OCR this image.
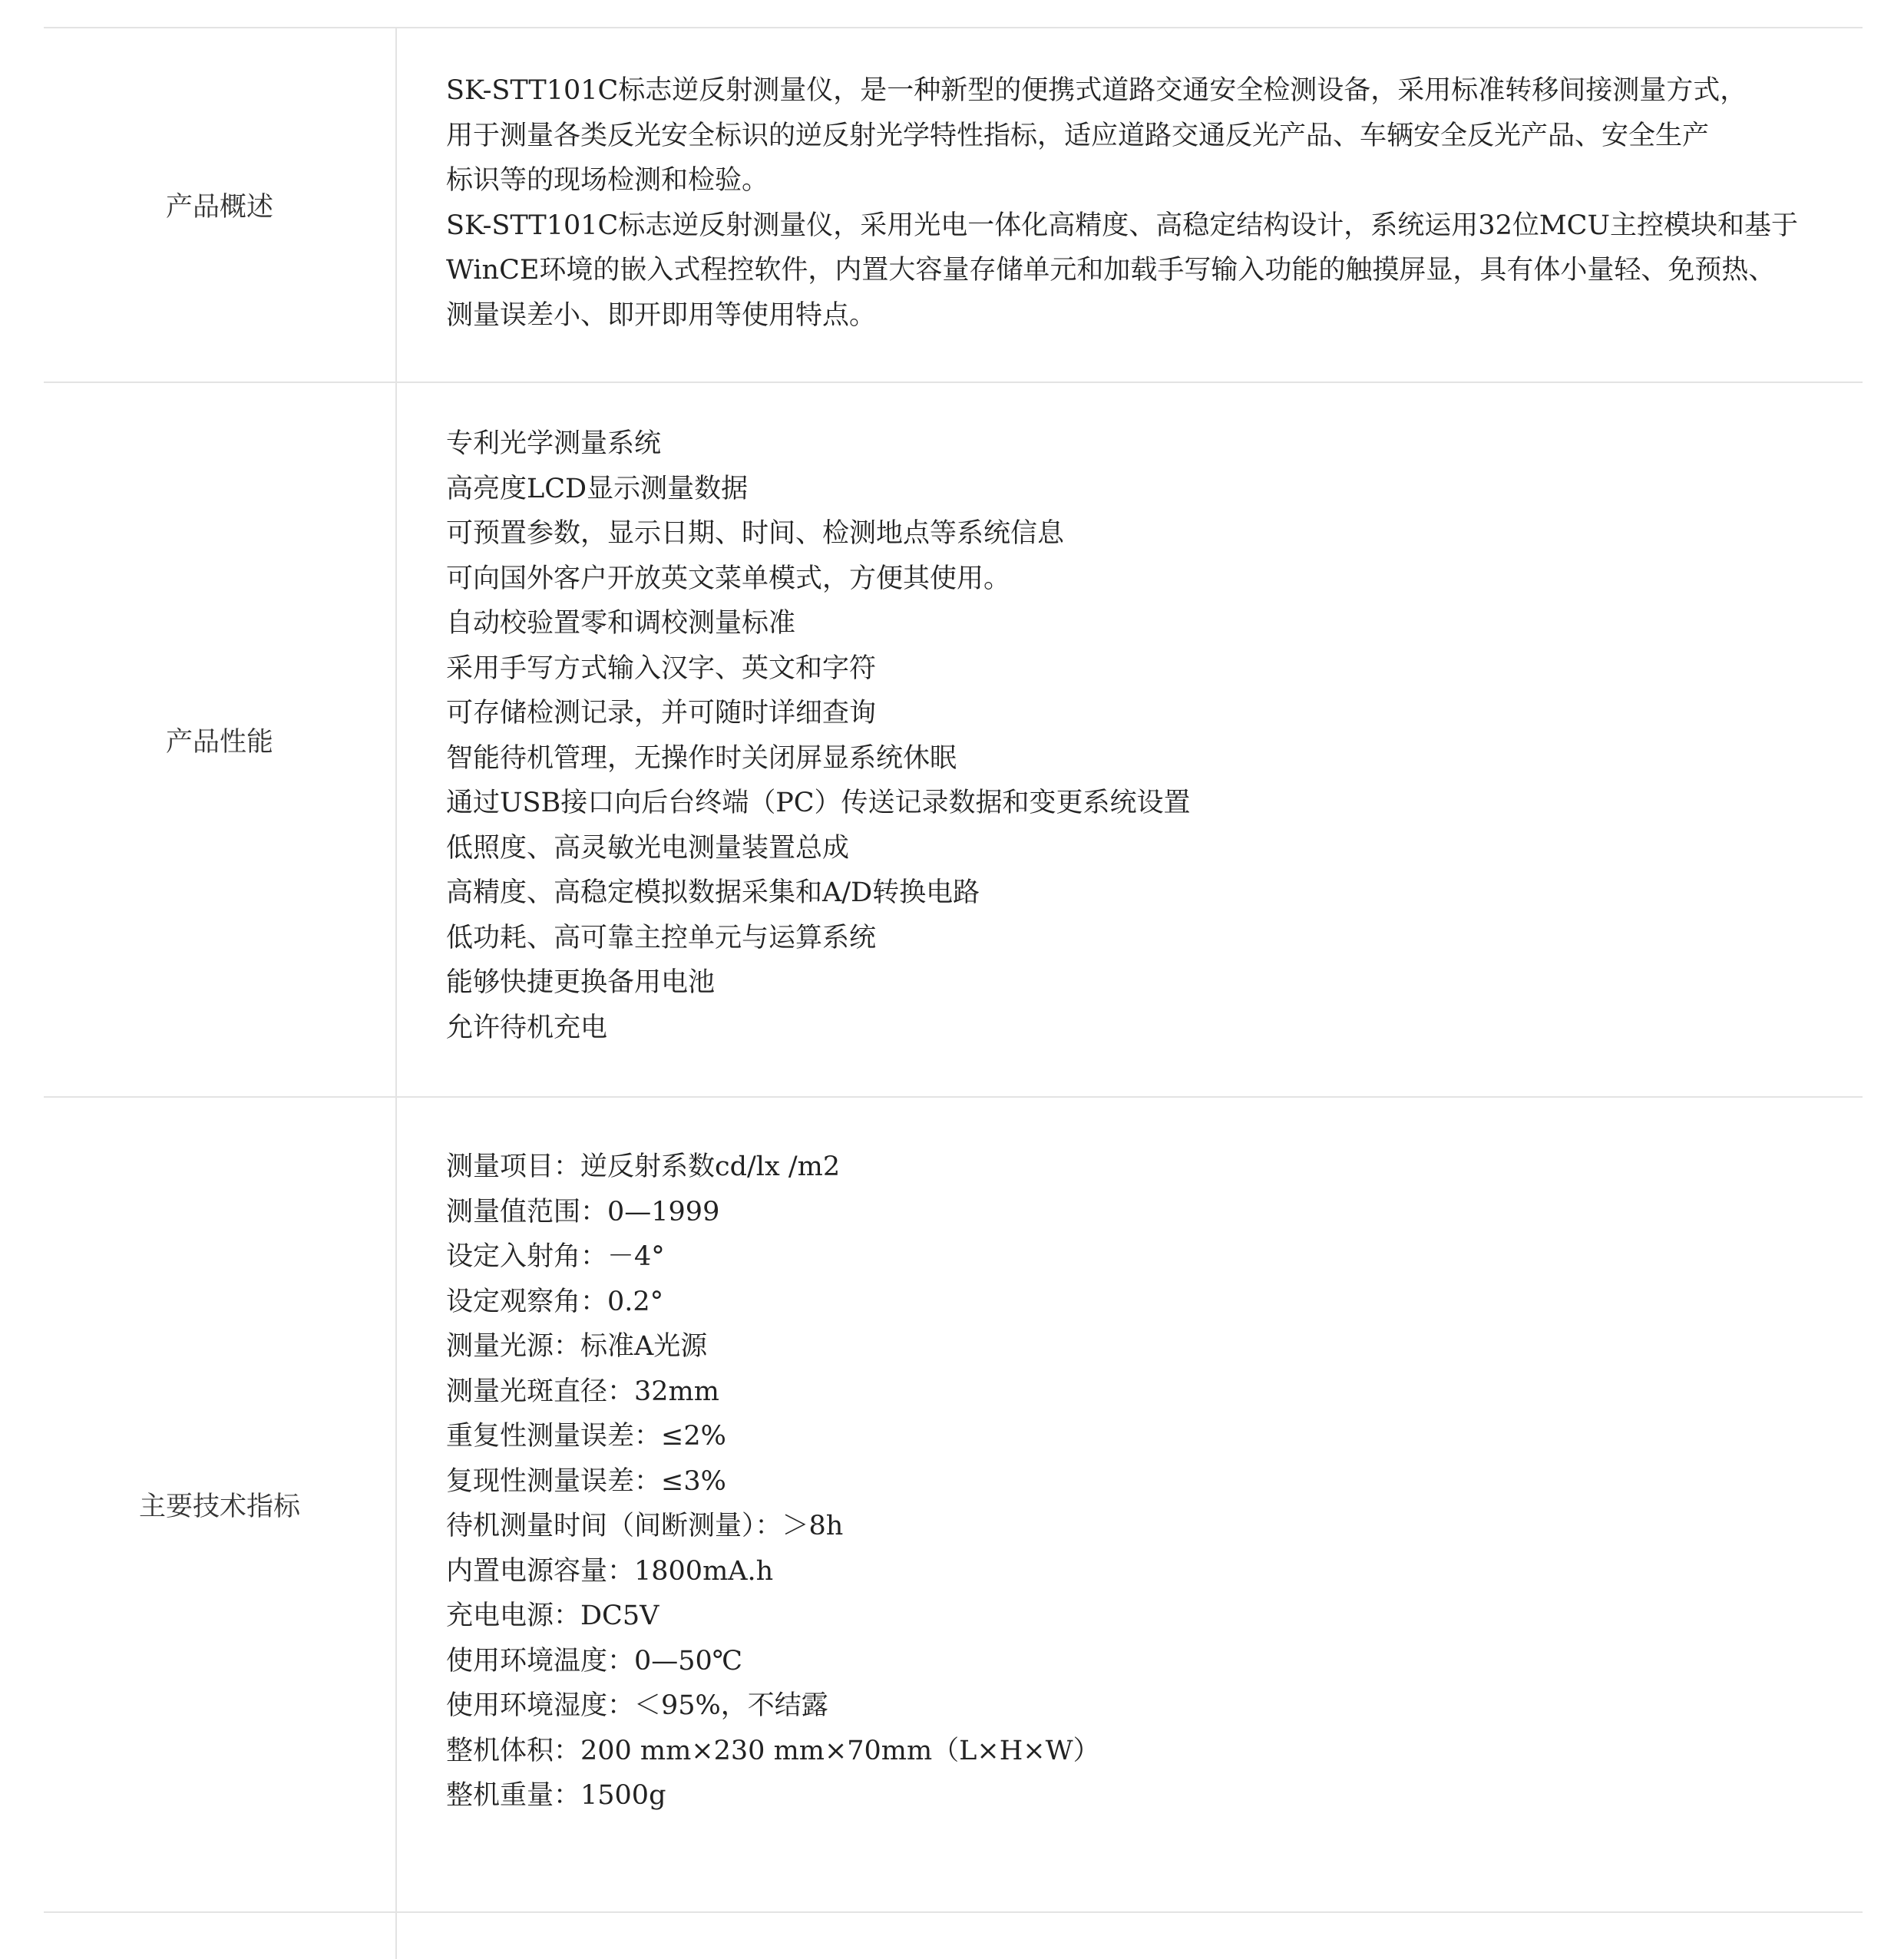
产品概述
SK-STT101C标志逆反射测量仪，是一种新型的便携式道路交通安全检测设备，采用标准转移间接测量方式，
用于测量各类反光安全标识的逆反射光学特性指标，适应道路交通反光产品、车辆安全反光产品、安全生产
标识等的现场检测和检验。
SK-STT101C标志逆反射测量仪，采用光电一体化高精度、高稳定结构设计，系统运用32位MCU主控模块和基于
WinCE环境的嵌入式程控软件，内置大容量存储单元和加载手写输入功能的触摸屏显，具有体小量轻、免预热、
测量误差小、即开即用等使用特点。
产品性能
专利光学测量系统
高亮度LCD显示测量数据
可预置参数，显示日期、时间、检测地点等系统信息
可向国外客户开放英文菜单模式，方便其使用。
自动校验置零和调校测量标准
采用手写方式输入汉字、英文和字符
可存储检测记录，并可随时详细查询
智能待机管理，无操作时关闭屏显系统休眠
通过USB接口向后台终端（PC）传送记录数据和变更系统设置
低照度、高灵敏光电测量装置总成
高精度、高稳定模拟数据采集和A/D转换电路
低功耗、高可靠主控单元与运算系统
能够快捷更换备用电池
允许待机充电
主要技术指标
测量项目：逆反射系数cd/lx /m2
测量值范围：0—1999
设定入射角：－4°
设定观察角：0.2°
测量光源：标准A光源
测量光斑直径：32mm
重复性测量误差：≤2%
复现性测量误差：≤3%
待机测量时间（间断测量）：＞8h
内置电源容量：1800mA.h
充电电源：DC5V
使用环境温度：0—50℃
使用环境湿度：＜95%，不结露
整机体积：200 mm×230 mm×70mm（L×H×W）
整机重量：1500g
